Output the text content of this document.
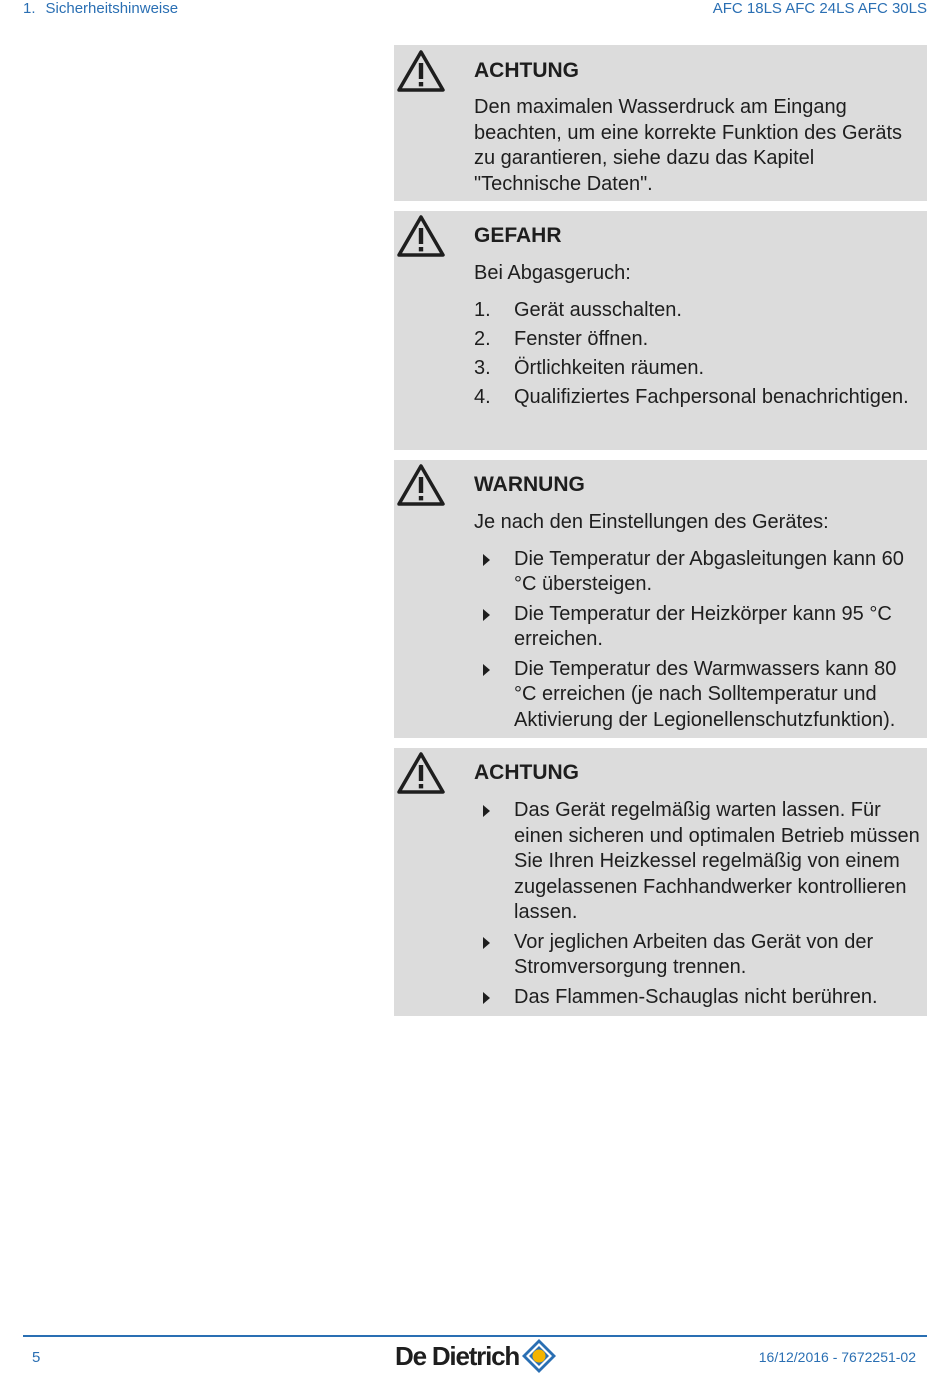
1. Sicherheitshinweise	AFC 18LS AFC 24LS AFC 30LS

ACHTUNG

Den maximalen Wasserdruck am Eingang beachten, um eine korrekte Funktion des Geräts zu garantieren, siehe dazu das Kapitel "Technische Daten".

GEFAHR

Bei Abgasgeruch:

1. Gerät ausschalten.
2. Fenster öffnen.
3. Örtlichkeiten räumen.
4. Qualifiziertes Fachpersonal benachrichtigen.

WARNUNG

Je nach den Einstellungen des Gerätes:

Die Temperatur der Abgasleitungen kann 60 °C übersteigen.
Die Temperatur der Heizkörper kann 95 °C erreichen.
Die Temperatur des Warmwassers kann 80 °C erreichen (je nach Solltemperatur und Aktivierung der Legionellenschutzfunktion).

ACHTUNG

Das Gerät regelmäßig warten lassen. Für einen sicheren und optimalen Betrieb müssen Sie Ihren Heizkessel regelmäßig von einem zugelassenen Fachhandwerker kontrollieren lassen.
Vor jeglichen Arbeiten das Gerät von der Stromversorgung trennen.
Das Flammen-Schauglas nicht berühren.
5	De Dietrich	16/12/2016 - 7672251-02
